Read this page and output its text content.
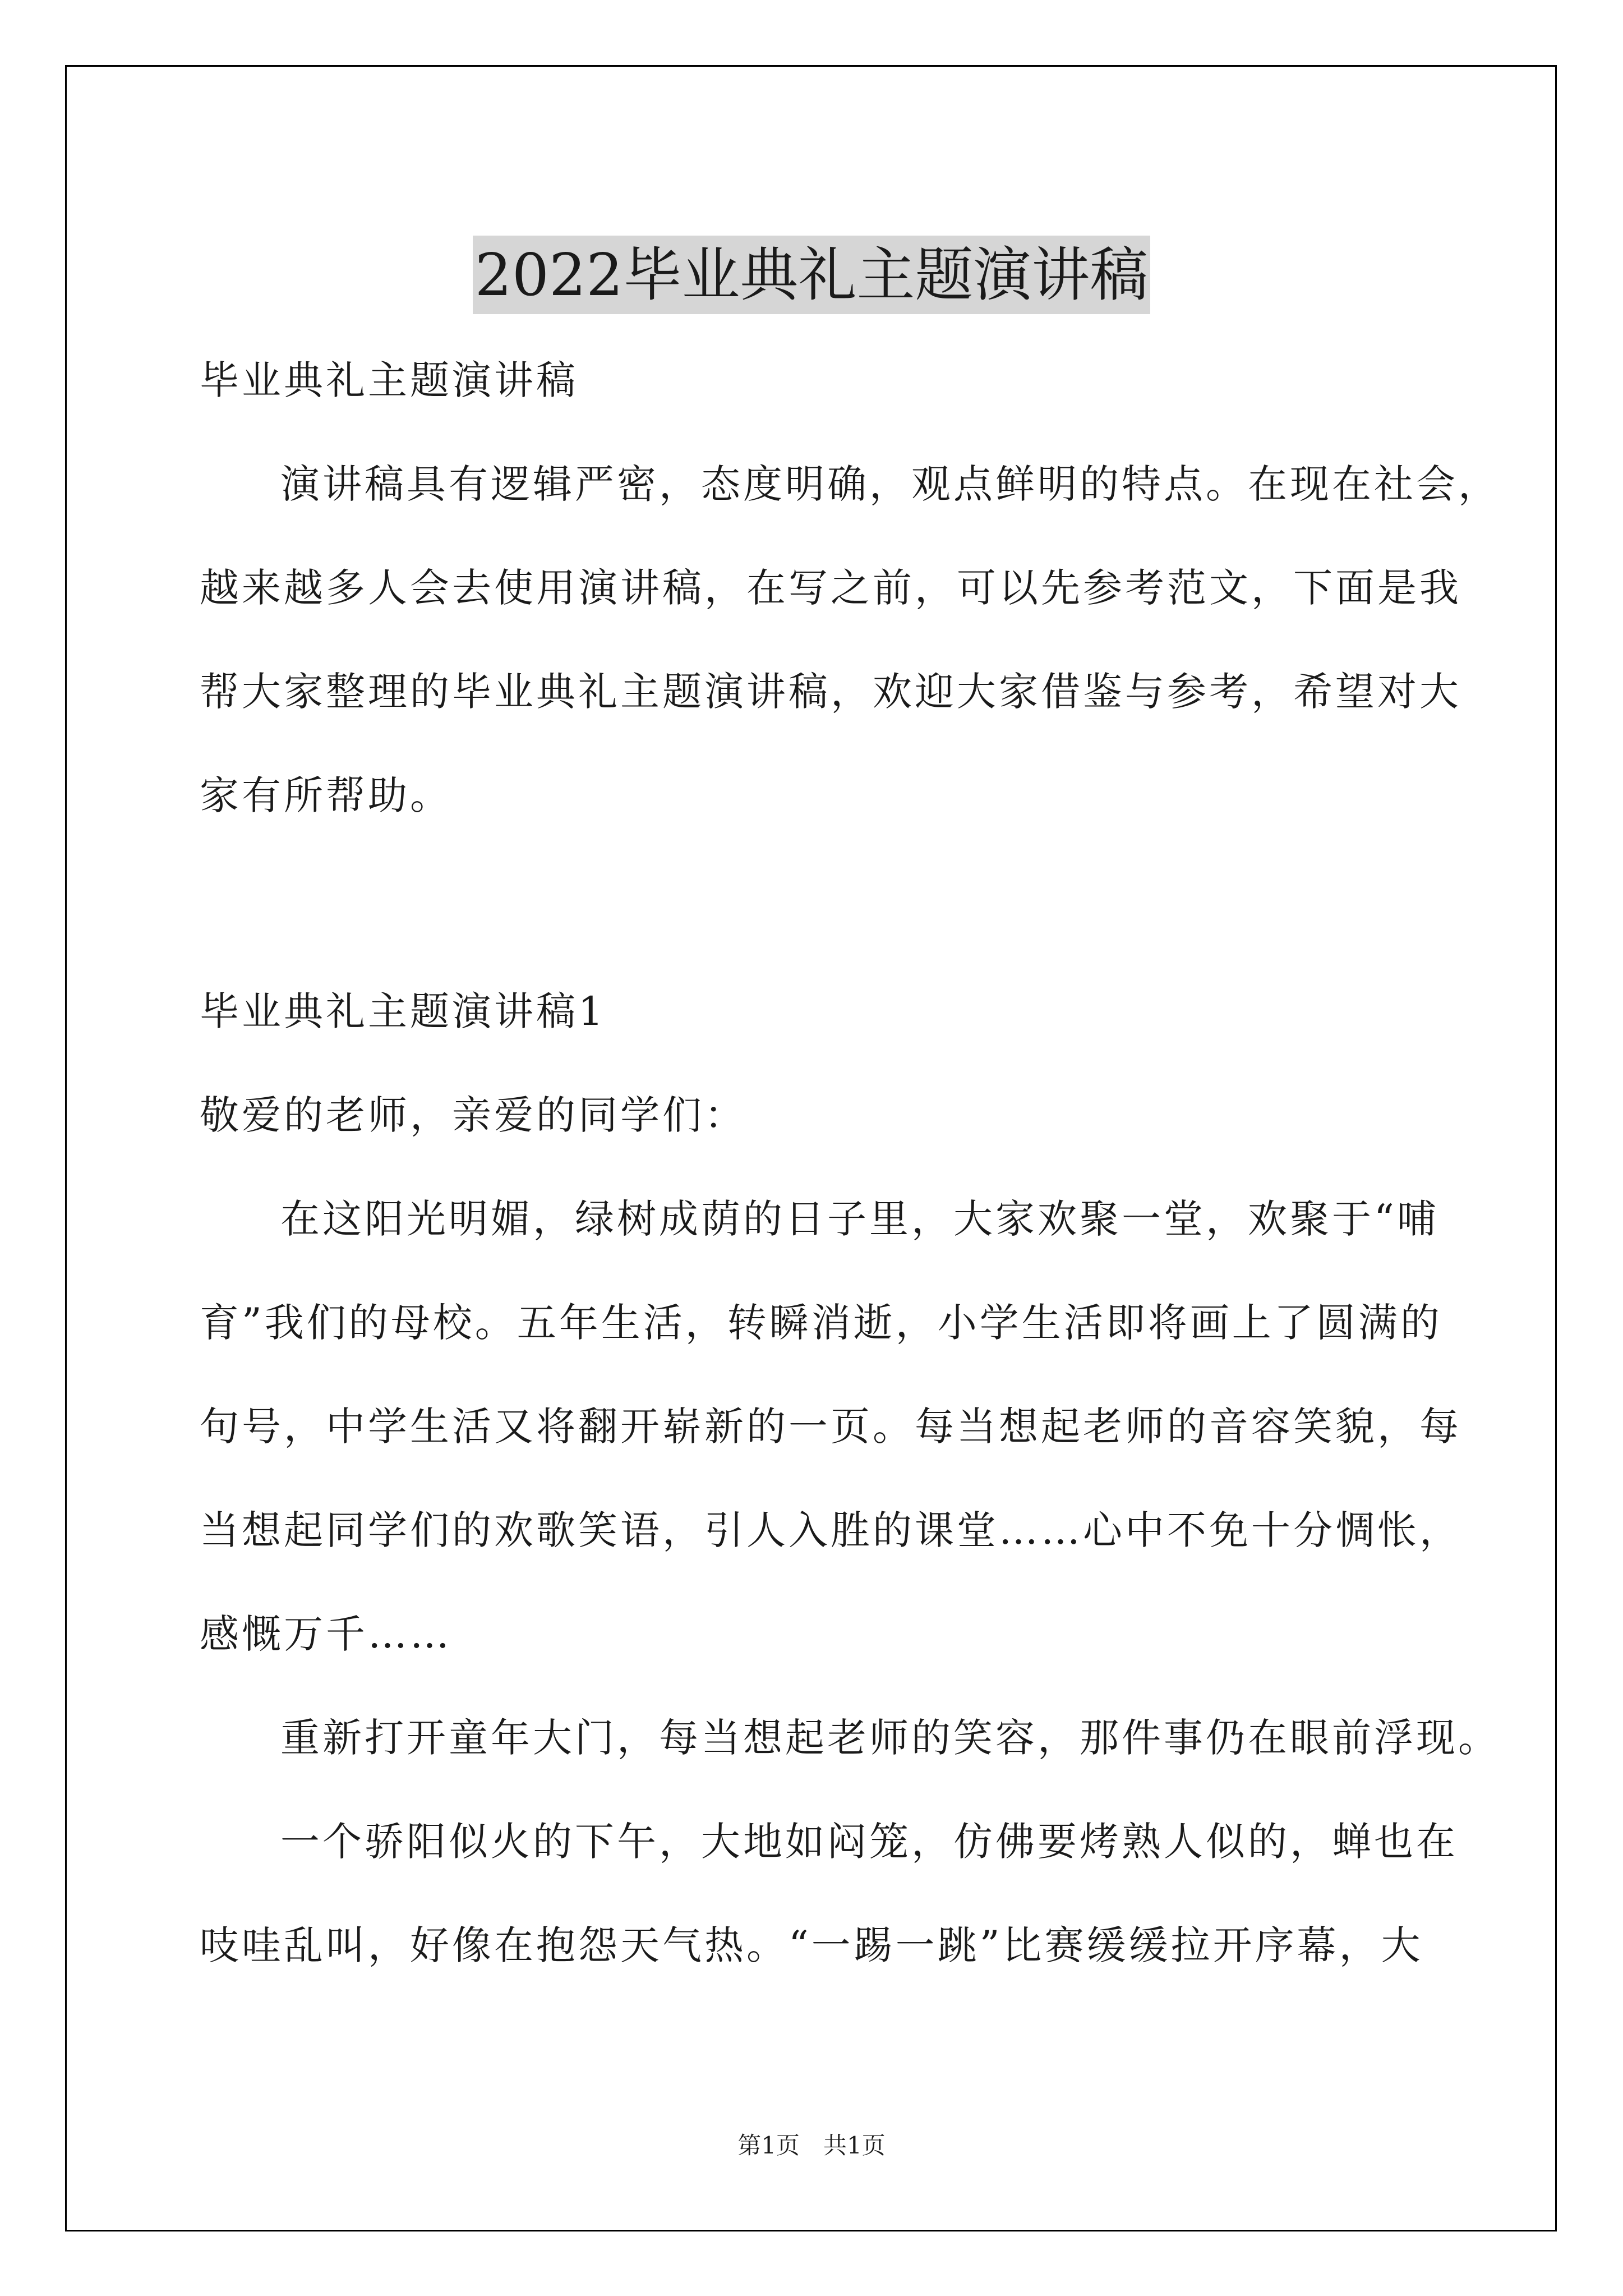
2022毕业典礼主题演讲稿
毕业典礼主题演讲稿
演讲稿具有逻辑严密，态度明确，观点鲜明的特点。在现在社会，
越来越多人会去使用演讲稿，在写之前，可以先参考范文，下面是我
帮大家整理的毕业典礼主题演讲稿，欢迎大家借鉴与参考，希望对大
家有所帮助。
毕业典礼主题演讲稿1
敬爱的老师，亲爱的同学们：
在这阳光明媚，绿树成荫的日子里，大家欢聚一堂，欢聚于“哺
育”我们的母校。五年生活，转瞬消逝，小学生活即将画上了圆满的
句号，中学生活又将翻开崭新的一页。每当想起老师的音容笑貌，每
当想起同学们的欢歌笑语，引人入胜的课堂……心中不免十分惆怅，
感慨万千……
重新打开童年大门，每当想起老师的笑容，那件事仍在眼前浮现。
一个骄阳似火的下午，大地如闷笼，仿佛要烤熟人似的，蝉也在
吱哇乱叫，好像在抱怨天气热。“一踢一跳”比赛缓缓拉开序幕，大
第1页　共1页
